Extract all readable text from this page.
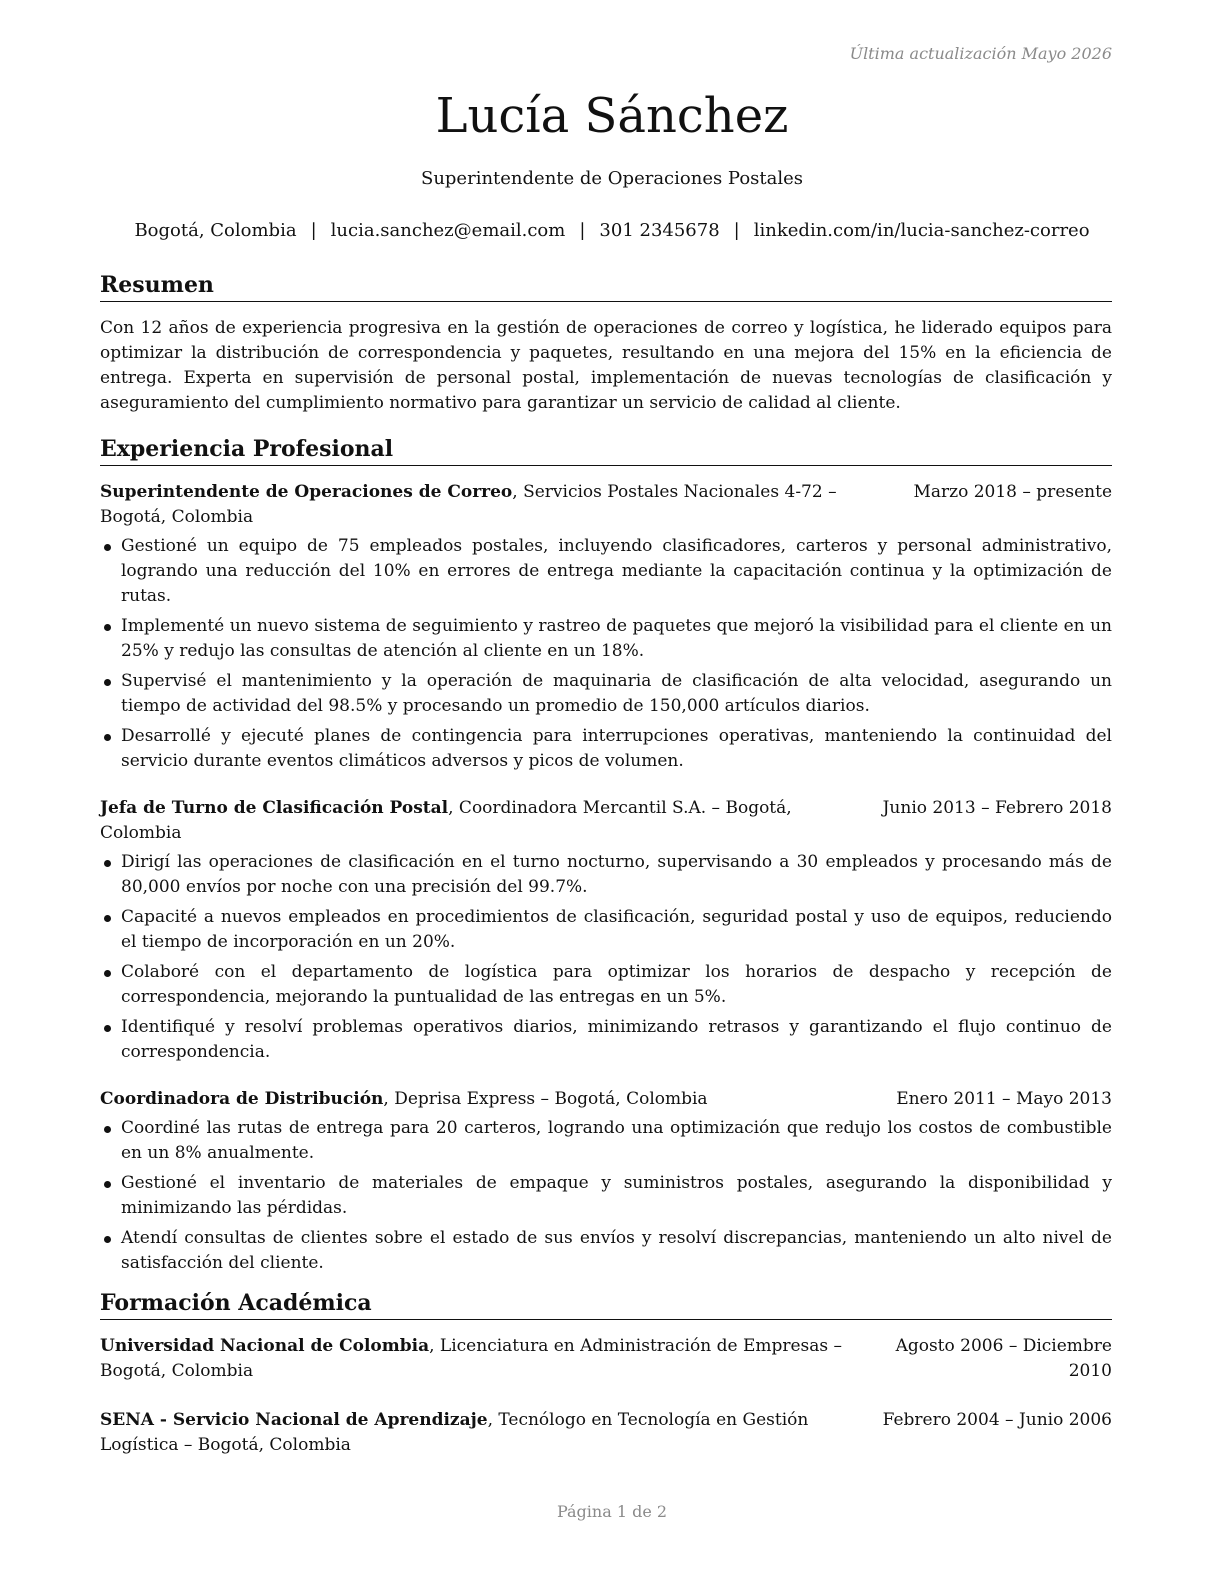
Última actualización Mayo 2026
Lucía Sánchez
Superintendente de Operaciones Postales
Bogotá, Colombia | lucia.sanchez@email.com | 301 2345678 | linkedin.com/in/lucia-sanchez-correo
Resumen

Con 12 años de experiencia progresiva en la gestión de operaciones de correo y logística, he liderado equipos para optimizar la distribución de correspondencia y paquetes, resultando en una mejora del 15% en la eficiencia de entrega. Experta en supervisión de personal postal, implementación de nuevas tecnologías de clasificación y aseguramiento del cumplimiento normativo para garantizar un servicio de calidad al cliente.

Experiencia Profesional
Superintendente de Operaciones de Correo, Servicios Postales Nacionales 4-72 – Bogotá, Colombia
Marzo 2018 – presente
Gestioné un equipo de 75 empleados postales, incluyendo clasificadores, carteros y personal administrativo, logrando una reducción del 10% en errores de entrega mediante la capacitación continua y la optimización de rutas.
Implementé un nuevo sistema de seguimiento y rastreo de paquetes que mejoró la visibilidad para el cliente en un 25% y redujo las consultas de atención al cliente en un 18%.
Supervisé el mantenimiento y la operación de maquinaria de clasificación de alta velocidad, asegurando un tiempo de actividad del 98.5% y procesando un promedio de 150,000 artículos diarios.
Desarrollé y ejecuté planes de contingencia para interrupciones operativas, manteniendo la continuidad del servicio durante eventos climáticos adversos y picos de volumen.
Jefa de Turno de Clasificación Postal, Coordinadora Mercantil S.A. – Bogotá, Colombia
Junio 2013 – Febrero 2018
Dirigí las operaciones de clasificación en el turno nocturno, supervisando a 30 empleados y procesando más de 80,000 envíos por noche con una precisión del 99.7%.
Capacité a nuevos empleados en procedimientos de clasificación, seguridad postal y uso de equipos, reduciendo el tiempo de incorporación en un 20%.
Colaboré con el departamento de logística para optimizar los horarios de despacho y recepción de correspondencia, mejorando la puntualidad de las entregas en un 5%.
Identifiqué y resolví problemas operativos diarios, minimizando retrasos y garantizando el flujo continuo de correspondencia.
Coordinadora de Distribución, Deprisa Express – Bogotá, Colombia	Enero 2011 – Mayo 2013
Coordiné las rutas de entrega para 20 carteros, logrando una optimización que redujo los costos de combustible en un 8% anualmente.
Gestioné el inventario de materiales de empaque y suministros postales, asegurando la disponibilidad y minimizando las pérdidas.
Atendí consultas de clientes sobre el estado de sus envíos y resolví discrepancias, manteniendo un alto nivel de satisfacción del cliente.
Formación Académica
Universidad Nacional de Colombia, Licenciatura en Administración de Empresas – Bogotá, Colombia
Agosto 2006 – Diciembre 2010
SENA - Servicio Nacional de Aprendizaje, Tecnólogo en Tecnología en Gestión Logística – Bogotá, Colombia
Febrero 2004 – Junio 2006
Página 1 de 2
